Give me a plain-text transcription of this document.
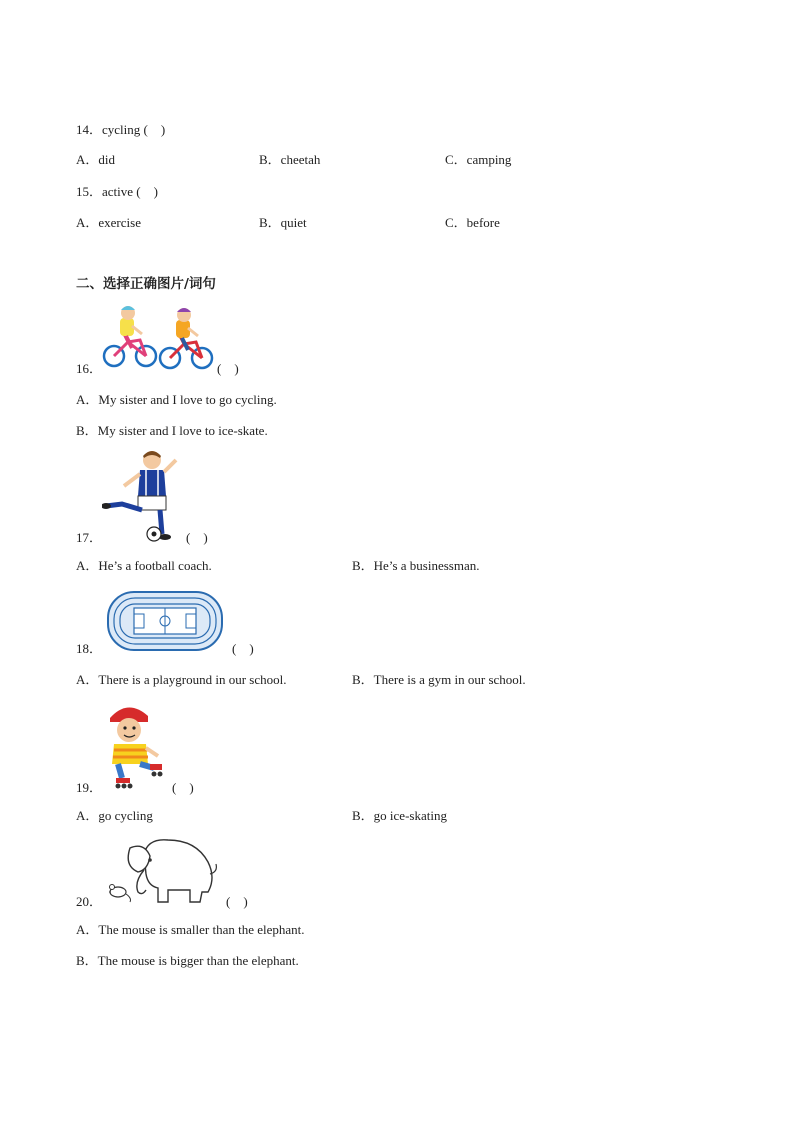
14．cycling (　)
A．did	B．cheetah	C．camping
15．active (　)
A．exercise	B．quiet	C．before
二、选择正确图片/词句
16．	(　)
A．My sister and I love to go cycling.
B．My sister and I love to ice-skate.
17．	(　)
A．He’s a football coach.	B．He’s a businessman.
18．	(　)
A．There is a playground in our school.	B．There is a gym in our school.
19．	(　)
A．go cycling	B．go ice-skating
20．	(　)
A．The mouse is smaller than the elephant.
B．The mouse is bigger than the elephant.
